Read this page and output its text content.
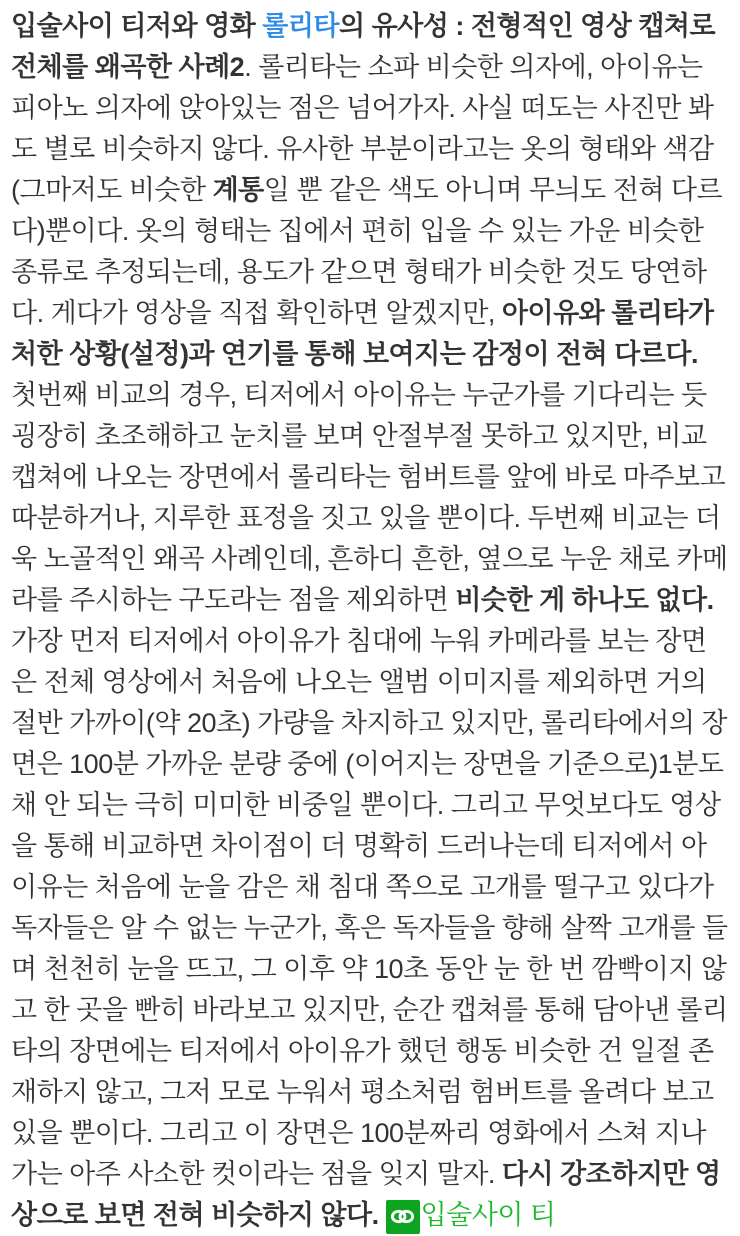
입술사이 티저와 영화 롤리타의 유사성 : 전형적인 영상 캡쳐로 전체를 왜곡한 사례2. 롤리타는 소파 비슷한 의자에, 아이유는 피아노 의자에 앉아있는 점은 넘어가자. 사실 떠도는 사진만 봐도 별로 비슷하지 않다. 유사한 부분이라고는 옷의 형태와 색감(그마저도 비슷한 계통일 뿐 같은 색도 아니며 무늬도 전혀 다르다)뿐이다. 옷의 형태는 집에서 편히 입을 수 있는 가운 비슷한 종류로 추정되는데, 용도가 같으면 형태가 비슷한 것도 당연하다. 게다가 영상을 직접 확인하면 알겠지만, 아이유와 롤리타가 처한 상황(설정)과 연기를 통해 보여지는 감정이 전혀 다르다. 첫번째 비교의 경우, 티저에서 아이유는 누군가를 기다리는 듯 굉장히 초조해하고 눈치를 보며 안절부절 못하고 있지만, 비교 캡쳐에 나오는 장면에서 롤리타는 험버트를 앞에 바로 마주보고 따분하거나, 지루한 표정을 짓고 있을 뿐이다. 두번째 비교는 더욱 노골적인 왜곡 사례인데, 흔하디 흔한, 옆으로 누운 채로 카메라를 주시하는 구도라는 점을 제외하면 비슷한 게 하나도 없다. 가장 먼저 티저에서 아이유가 침대에 누워 카메라를 보는 장면은 전체 영상에서 처음에 나오는 앨범 이미지를 제외하면 거의 절반 가까이(약 20초) 가량을 차지하고 있지만, 롤리타에서의 장면은 100분 가까운 분량 중에 (이어지는 장면을 기준으로)1분도 채 안 되는 극히 미미한 비중일 뿐이다. 그리고 무엇보다도 영상을 통해 비교하면 차이점이 더 명확히 드러나는데 티저에서 아이유는 처음에 눈을 감은 채 침대 쪽으로 고개를 떨구고 있다가 독자들은 알 수 없는 누군가, 혹은 독자들을 향해 살짝 고개를 들며 천천히 눈을 뜨고, 그 이후 약 10초 동안 눈 한 번 깜빡이지 않고 한 곳을 빤히 바라보고 있지만, 순간 캡쳐를 통해 담아낸 롤리타의 장면에는 티저에서 아이유가 했던 행동 비슷한 건 일절 존재하지 않고, 그저 모로 누워서 평소처럼 험버트를 올려다 보고 있을 뿐이다. 그리고 이 장면은 100분짜리 영화에서 스쳐 지나가는 아주 사소한 컷이라는 점을 잊지 말자. 다시 강조하지만 영상으로 보면 전혀 비슷하지 않다. 입술사이 티
